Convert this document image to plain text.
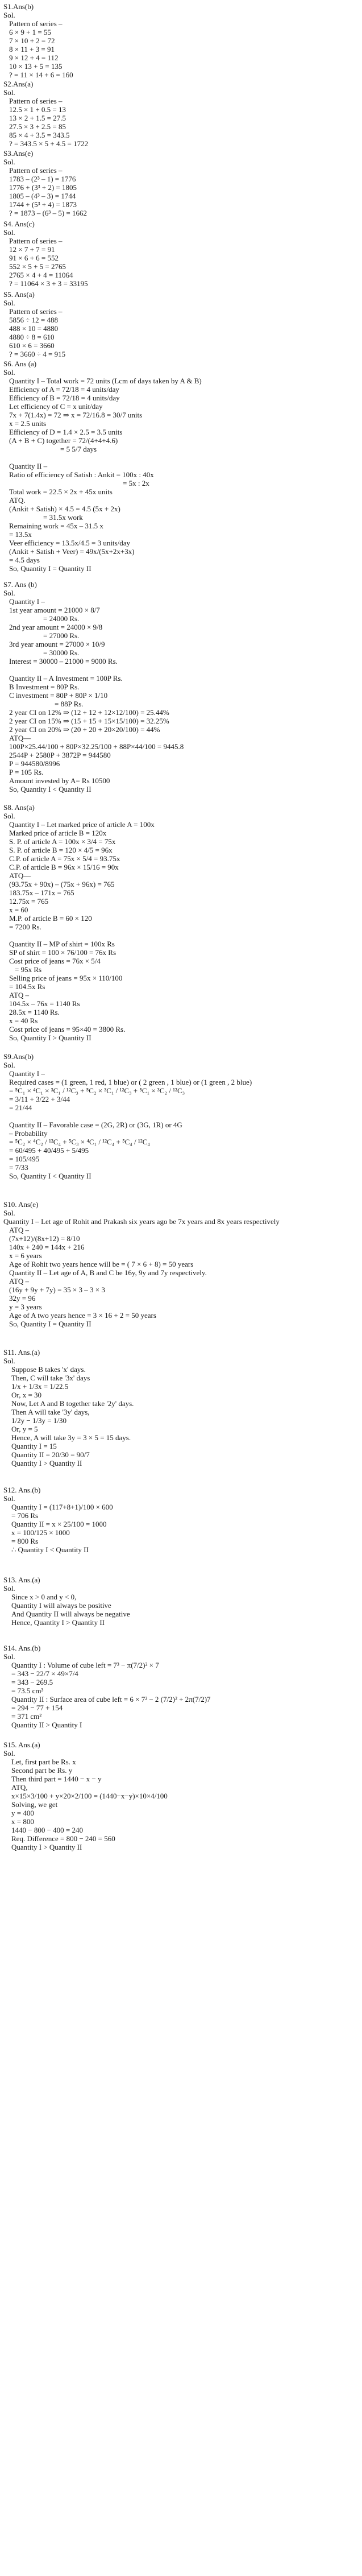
S1.Ans(b)
Sol.
Pattern of series –
6 × 9 + 1 = 55
7 × 10 + 2 = 72
8 × 11 + 3 = 91
9 × 12 + 4 = 112
10 × 13 + 5 = 135
? = 11 × 14 + 6 = 160
S2.Ans(a)
Sol.
Pattern of series –
12.5 × 1 + 0.5 = 13
13 × 2 + 1.5 = 27.5
27.5 × 3 + 2.5 = 85
85 × 4 + 3.5 = 343.5
? = 343.5 × 5 + 4.5 = 1722
S3.Ans(e)
Sol.
Pattern of series –
1783 – (2³ – 1) = 1776
1776 + (3³ + 2) = 1805
1805 – (4³ – 3) = 1744
1744 + (5³ + 4) = 1873
? = 1873 – (6³ – 5) = 1662
S4. Ans(c)
Sol.
Pattern of series –
12 × 7 + 7 = 91
91 × 6 + 6 = 552
552 × 5 + 5 = 2765
2765 × 4 + 4 = 11064
? = 11064 × 3 + 3 = 33195
S5. Ans(a)
Sol.
Pattern of series –
5856 ÷ 12 = 488
488 × 10 = 4880
4880 ÷ 8 = 610
610 × 6 = 3660
? = 3660 ÷ 4 = 915
S6. Ans (a)
Sol.
Quantity I – Total work = 72 units (Lcm of days taken by A & B)
Efficiency of A = 72/18 = 4 units/day
Efficiency of B = 72/18 = 4 units/day
Let efficiency of C = x unit/day
7x + 7(1.4x) = 72 ⇒ x = 72/16.8 = 30/7 units
x = 2.5 units
Efficiency of D = 1.4 × 2.5 = 3.5 units
(A + B + C) together = 72/(4+4+4.6)
= 5 5/7 days

Quantity II –
Ratio of efficiency of Satish : Ankit = 100x : 40x
= 5x : 2x
Total work = 22.5 × 2x + 45x units
ATQ.
(Ankit + Satish) × 4.5 = 4.5 (5x + 2x)
= 31.5x work
Remaining work = 45x – 31.5 x
= 13.5x
Veer efficiency = 13.5x/4.5 = 3 units/day
(Ankit + Satish + Veer) = 49x/(5x+2x+3x)
= 4.5 days
So, Quantity I = Quantity II
S7. Ans (b)
Sol.
Quantity I –
1st year amount = 21000 × 8/7
= 24000 Rs.
2nd year amount = 24000 × 9/8
= 27000 Rs.
3rd year amount = 27000 × 10/9
= 30000 Rs.
Interest = 30000 – 21000 = 9000 Rs.

Quantity II – A Investment = 100P Rs.
B Investment = 80P Rs.
C investment = 80P + 80P × 1/10
= 88P Rs.
2 year CI on 12% ⇒ (12 + 12 + 12×12/100) = 25.44%
2 year CI on 15% ⇒ (15 + 15 + 15×15/100) = 32.25%
2 year CI on 20% ⇒ (20 + 20 + 20×20/100) = 44%
ATQ—
100P×25.44/100 + 80P×32.25/100 + 88P×44/100 = 9445.8
2544P + 2580P + 3872P = 944580
P = 944580/8996
P = 105 Rs.
Amount invested by A= Rs 10500
So, Quantity I < Quantity II
S8. Ans(a)
Sol.
Quantity I – Let marked price of article A = 100x
Marked price of article B = 120x
S. P. of article A = 100x × 3/4 = 75x
S. P. of article B = 120 × 4/5 = 96x
C.P. of article A = 75x × 5/4 = 93.75x
C.P. of article B = 96x × 15/16 = 90x
ATQ—
(93.75x + 90x) – (75x + 96x) = 765
183.75x – 171x = 765
12.75x = 765
x = 60
M.P. of article B = 60 × 120
= 7200 Rs.

Quantity II – MP of shirt = 100x Rs
SP of shirt = 100 × 76/100 = 76x Rs
Cost price of jeans = 76x × 5/4
= 95x Rs
Selling price of jeans = 95x × 110/100
= 104.5x Rs
ATQ –
104.5x – 76x = 1140 Rs
28.5x = 1140 Rs.
x = 40 Rs
Cost price of jeans = 95×40 = 3800 Rs.
So, Quantity I > Quantity II
S9.Ans(b)
Sol.
Quantity I –
Required cases = (1 green, 1 red, 1 blue) or ( 2 green , 1 blue) or (1 green , 2 blue)
= ⁵C₁ × ⁴C₁ × ³C₁ / ¹²C₃ + ⁵C₂ × ³C₁ / ¹²C₃ + ⁵C₁ × ³C₂ / ¹²C₃
= 3/11 + 3/22 + 3/44
= 21/44

Quantity II – Favorable case = (2G, 2R) or (3G, 1R) or 4G
– Probability
= ⁵C₂ × ⁴C₂ / ¹²C₄ + ⁵C₃ × ⁴C₁ / ¹²C₄ + ⁵C₄ / ¹²C₄
= 60/495 + 40/495 + 5/495
= 105/495
= 7/33
So, Quantity I < Quantity II
S10. Ans(e)
Sol.
Quantity I – Let age of Rohit and Prakash six years ago be 7x years and 8x years respectively
ATQ –
(7x+12)/(8x+12) = 8/10
140x + 240 = 144x + 216
x = 6 years
Age of Rohit two years hence will be = ( 7 × 6 + 8) = 50 years
Quantity II – Let age of A, B and C be 16y, 9y and 7y respectively.
ATQ –
(16y + 9y + 7y) = 35 × 3 – 3 × 3
32y = 96
y = 3 years
Age of A two years hence = 3 × 16 + 2 = 50 years
So, Quantity I = Quantity II
S11. Ans.(a)
Sol.
Suppose B takes 'x' days.
Then, C will take '3x' days
1/x + 1/3x = 1/22.5
Or, x = 30
Now, Let A and B together take '2y' days.
Then A will take '3y' days,
1/2y − 1/3y = 1/30
Or, y = 5
Hence, A will take 3y = 3 × 5 = 15 days.
Quantity I = 15
Quantity II = 20/30 = 90/7
Quantity I > Quantity II
S12. Ans.(b)
Sol.
Quantity I = (117+8+1)/100 × 600
= 706 Rs
Quantity II = x × 25/100 = 1000
x = 100/125 × 1000
= 800 Rs
∴ Quantity I < Quantity II
S13. Ans.(a)
Sol.
Since x > 0 and y < 0,
Quantity I will always be positive
And Quantity II will always be negative
Hence, Quantity I > Quantity II
S14. Ans.(b)
Sol.
Quantity I : Volume of cube left = 7³ − π(7/2)² × 7
= 343 − 22/7 × 49×7/4
= 343 − 269.5
= 73.5 cm³
Quantity II : Surface area of cube left = 6 × 7² − 2 (7/2)² + 2π(7/2)7
= 294 − 77 + 154
= 371 cm²
Quantity II > Quantity I
S15. Ans.(a)
Sol.
Let, first part be Rs. x
Second part be Rs. y
Then third part = 1440 − x − y
ATQ,
x×15×3/100 + y×20×2/100 = (1440−x−y)×10×4/100
Solving, we get
y = 400
x = 800
1440 − 800 − 400 = 240
Req. Difference = 800 − 240 = 560
Quantity I > Quantity II
